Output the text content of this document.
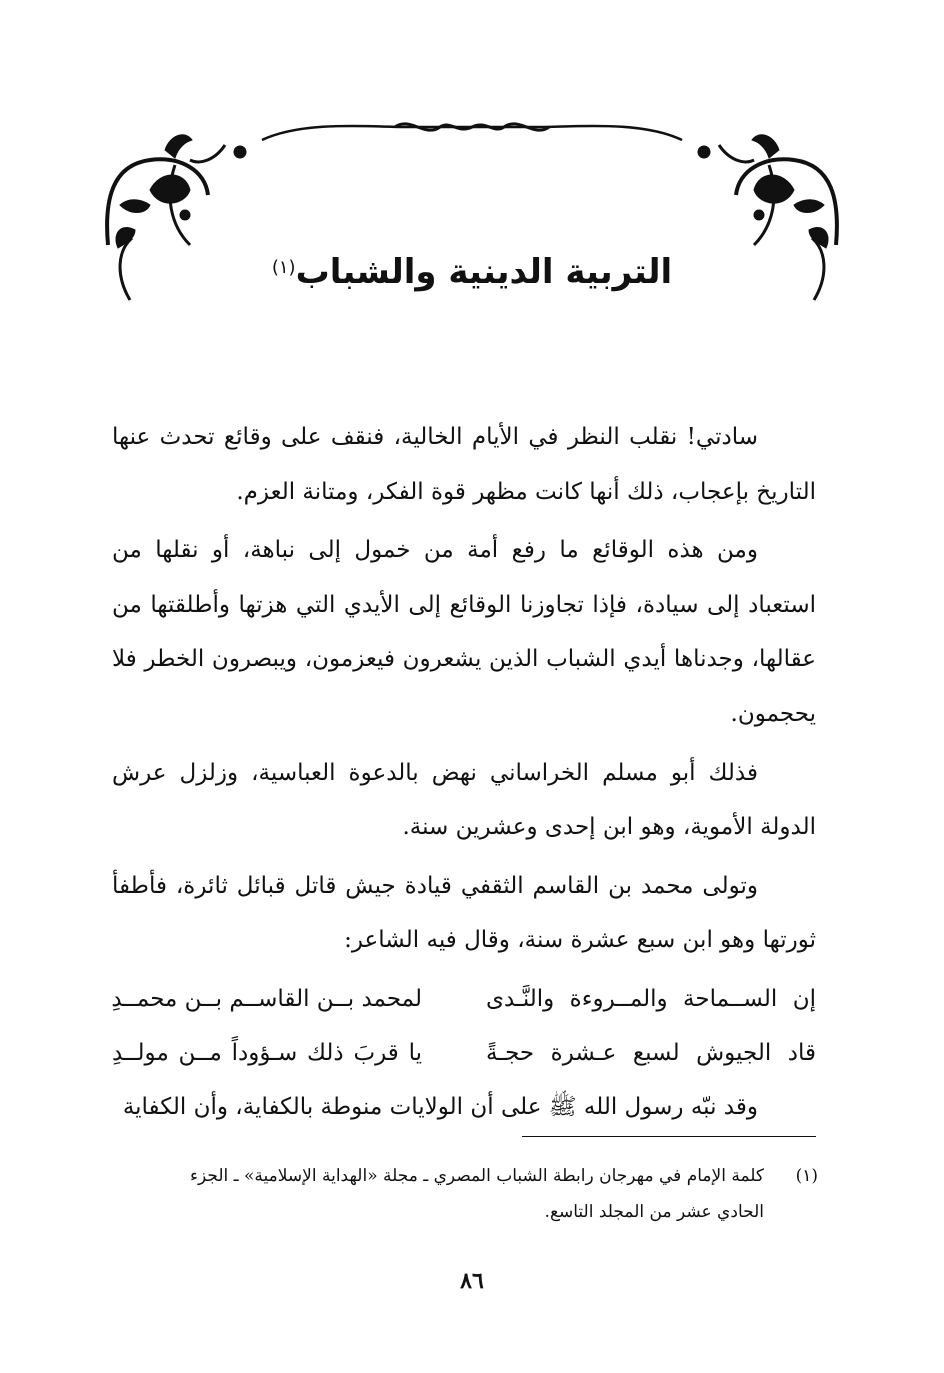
التربية الدينية والشباب$^{(١)}$

سادتي! نقلب النظر في الأيام الخالية، فنقف على وقائع تحدث عنها التاريخ بإعجاب، ذلك أنها كانت مظهر قوة الفكر، ومتانة العزم.

ومن هذه الوقائع ما رفع أمة من خمول إلى نباهة، أو نقلها من استعباد إلى سيادة، فإذا تجاوزنا الوقائع إلى الأيدي التي هزتها وأطلقتها من عقالها، وجدناها أيدي الشباب الذين يشعرون فيعزمون، ويبصرون الخطر فلا يحجمون.

فذلك أبو مسلم الخراساني نهض بالدعوة العباسية، وزلزل عرش الدولة الأموية، وهو ابن إحدى وعشرين سنة.

وتولى محمد بن القاسم الثقفي قيادة جيش قاتل قبائل ثائرة، فأطفأ ثورتها وهو ابن سبع عشرة سنة، وقال فيه الشاعر:

إن الســماحة والمــروءة والنَّـدى
لمحمد بــن القاســم بــن محمــدِ
قاد الجيوش لسبع عـشرة حجـةً
يا قربَ ذلك سـؤوداً مــن مولــدِ

وقد نبّه رسول الله ﷺ على أن الولايات منوطة بالكفاية، وأن الكفاية

(١)كلمة الإمام في مهرجان رابطة الشباب المصري ـ مجلة «الهداية الإسلامية» ـ الجزء
الحادي عشر من المجلد التاسع.
٨٦
